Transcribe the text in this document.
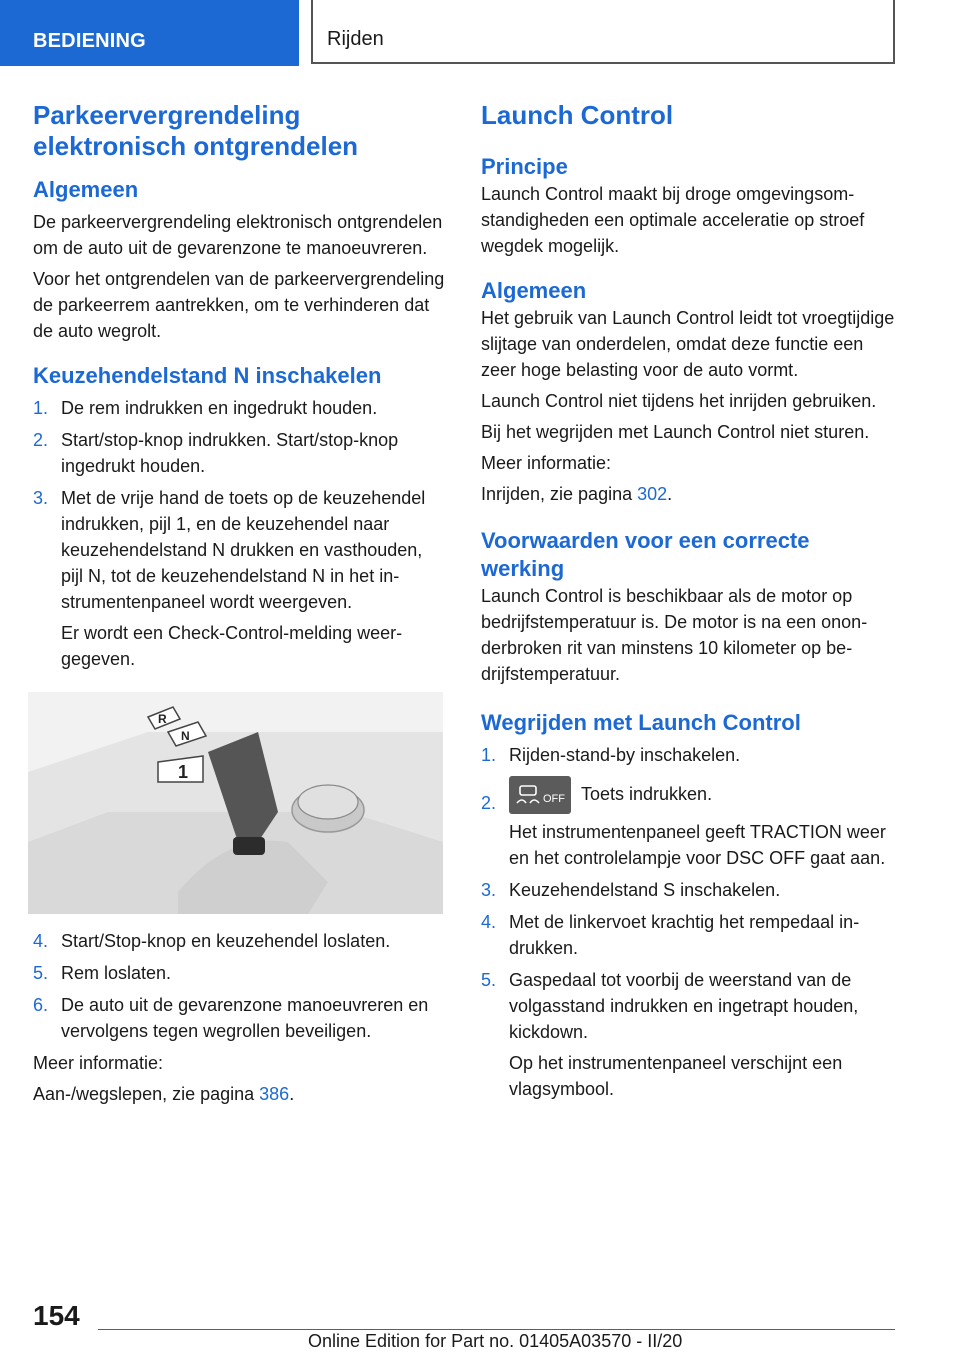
BEDIENING	Rijden
Parkeervergrendeling elektronisch ontgrendelen
Algemeen

De parkeervergrendeling elektronisch ontgrendelen om de auto uit de gevarenzone te manoeuvreren.

Voor het ontgrendelen van de parkeervergrendeling de parkeerrem aantrekken, om te verhinderen dat de auto wegrolt.

Keuzehendelstand N inschakelen
1. De rem indrukken en ingedrukt houden.
2. Start/stop-knop indrukken. Start/stop-knop ingedrukt houden.
3. Met de vrije hand de toets op de keuzehendel indrukken, pijl 1, en de keuzehendel naar keuzehendelstand N drukken en vasthouden, pijl N, tot de keuzehendelstand N in het instrumentenpaneel wordt weergeven.
Er wordt een Check-Control-melding weergegeven.
R
N
1
4. Start/Stop-knop en keuzehendel loslaten.
5. Rem loslaten.
6. De auto uit de gevarenzone manoeuvreren en vervolgens tegen wegrollen beveiligen.

Meer informatie:

Aan-/wegslepen, zie pagina 386.

Launch Control
Principe

Launch Control maakt bij droge omgevingsomstandigheden een optimale acceleratie op stroef wegdek mogelijk.

Algemeen

Het gebruik van Launch Control leidt tot vroegtijdige slijtage van onderdelen, omdat deze functie een zeer hoge belasting voor de auto vormt.

Launch Control niet tijdens het inrijden gebruiken.

Bij het wegrijden met Launch Control niet sturen.

Meer informatie:

Inrijden, zie pagina 302.

Voorwaarden voor een correcte werking

Launch Control is beschikbaar als de motor op bedrijfstemperatuur is. De motor is na een ononderbroken rit van minstens 10 kilometer op bedrijfstemperatuur.

Wegrijden met Launch Control
1. Rijden-stand-by inschakelen.
2.	OFF Toets indrukken.
Het instrumentenpaneel geeft TRACTION weer en het controlelampje voor DSC OFF gaat aan.
3. Keuzehendelstand S inschakelen.
4. Met de linkervoet krachtig het rempedaal indrukken.
5. Gaspedaal tot voorbij de weerstand van de volgasstand indrukken en ingetrapt houden, kickdown.
Op het instrumentenpaneel verschijnt een vlagsymbool.
154
Online Edition for Part no. 01405A03570 - II/20
